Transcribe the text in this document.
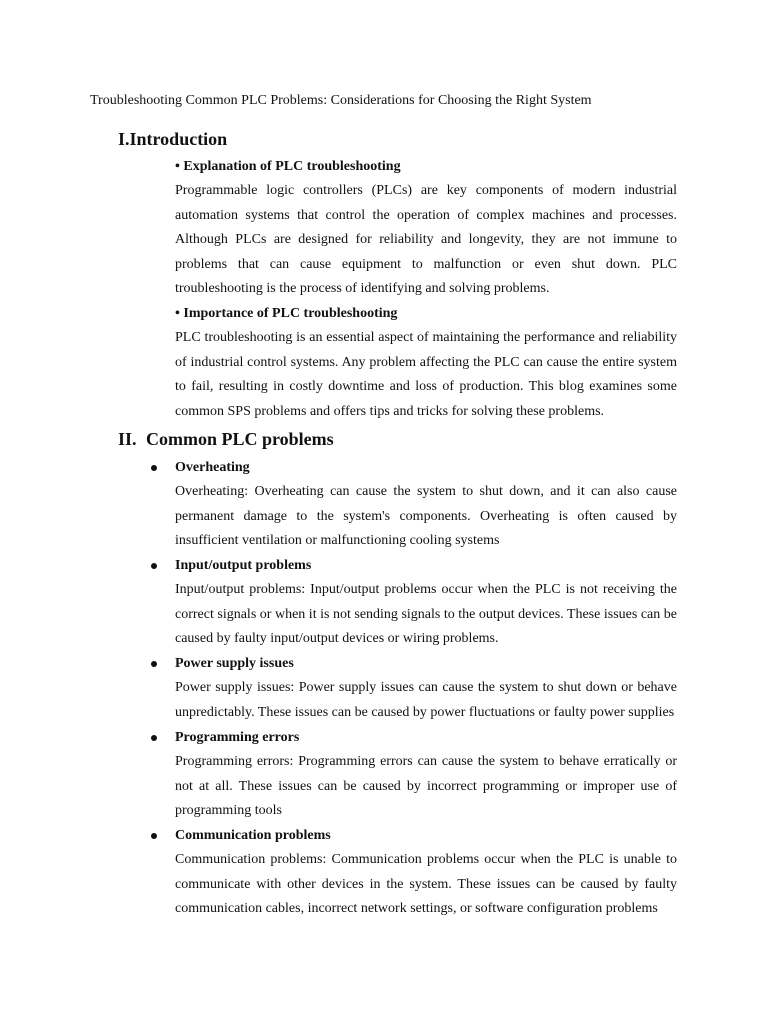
Troubleshooting Common PLC Problems: Considerations for Choosing the Right System
I.Introduction
• Explanation of PLC troubleshooting

Programmable logic controllers (PLCs) are key components of modern industrial automation systems that control the operation of complex machines and processes. Although PLCs are designed for reliability and longevity, they are not immune to problems that can cause equipment to malfunction or even shut down. PLC troubleshooting is the process of identifying and solving problems.

• Importance of PLC troubleshooting

PLC troubleshooting is an essential aspect of maintaining the performance and reliability of industrial control systems. Any problem affecting the PLC can cause the entire system to fail, resulting in costly downtime and loss of production. This blog examines some common SPS problems and offers tips and tricks for solving these problems.

II. Common PLC problems
Overheating

Overheating: Overheating can cause the system to shut down, and it can also cause permanent damage to the system's components. Overheating is often caused by insufficient ventilation or malfunctioning cooling systems

Input/output problems

Input/output problems: Input/output problems occur when the PLC is not receiving the correct signals or when it is not sending signals to the output devices. These issues can be caused by faulty input/output devices or wiring problems.

Power supply issues

Power supply issues: Power supply issues can cause the system to shut down or behave unpredictably. These issues can be caused by power fluctuations or faulty power supplies

Programming errors

Programming errors: Programming errors can cause the system to behave erratically or not at all. These issues can be caused by incorrect programming or improper use of programming tools

Communication problems

Communication problems: Communication problems occur when the PLC is unable to communicate with other devices in the system. These issues can be caused by faulty communication cables, incorrect network settings, or software configuration problems
